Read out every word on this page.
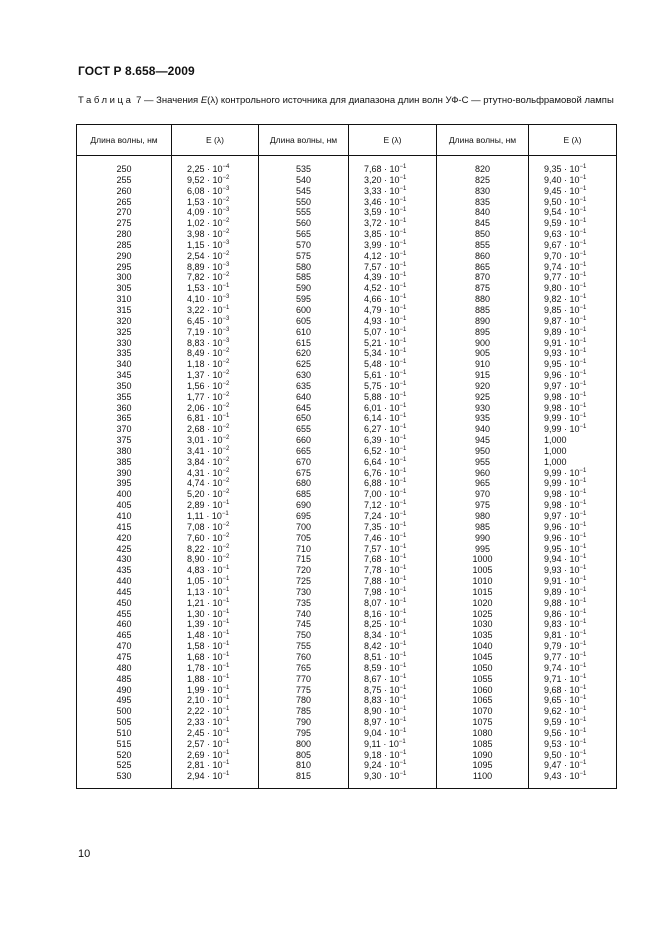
ГОСТ Р 8.658—2009
Таблица 7 — Значения E(λ) контрольного источника для диапазона длин волн УФ-С — ртутно-вольфрамовой лампы
Длина волны, нм	E (λ)	Длина волны, нм	E (λ)	Длина волны, нм	E (λ)
250	$2,25 \cdot 10^{-4}$	535	$7,68 \cdot 10^{-1}$	820	$9,35 \cdot 10^{-1}$
255	$9,52 \cdot 10^{-2}$	540	$3,20 \cdot 10^{-1}$	825	$9,40 \cdot 10^{-1}$
260	$6,08 \cdot 10^{-3}$	545	$3,33 \cdot 10^{-1}$	830	$9,45 \cdot 10^{-1}$
265	$1,53 \cdot 10^{-2}$	550	$3,46 \cdot 10^{-1}$	835	$9,50 \cdot 10^{-1}$
270	$4,09 \cdot 10^{-3}$	555	$3,59 \cdot 10^{-1}$	840	$9,54 \cdot 10^{-1}$
275	$1,02 \cdot 10^{-2}$	560	$3,72 \cdot 10^{-1}$	845	$9,59 \cdot 10^{-1}$
280	$3,98 \cdot 10^{-2}$	565	$3,85 \cdot 10^{-1}$	850	$9,63 \cdot 10^{-1}$
285	$1,15 \cdot 10^{-3}$	570	$3,99 \cdot 10^{-1}$	855	$9,67 \cdot 10^{-1}$
290	$2,54 \cdot 10^{-2}$	575	$4,12 \cdot 10^{-1}$	860	$9,70 \cdot 10^{-1}$
295	$8,89 \cdot 10^{-3}$	580	$7,57 \cdot 10^{-1}$	865	$9,74 \cdot 10^{-1}$
300	$7,82 \cdot 10^{-2}$	585	$4,39 \cdot 10^{-1}$	870	$9,77 \cdot 10^{-1}$
305	$1,53 \cdot 10^{-1}$	590	$4,52 \cdot 10^{-1}$	875	$9,80 \cdot 10^{-1}$
310	$4,10 \cdot 10^{-3}$	595	$4,66 \cdot 10^{-1}$	880	$9,82 \cdot 10^{-1}$
315	$3,22 \cdot 10^{-1}$	600	$4,79 \cdot 10^{-1}$	885	$9,85 \cdot 10^{-1}$
320	$6,45 \cdot 10^{-3}$	605	$4,93 \cdot 10^{-1}$	890	$9,87 \cdot 10^{-1}$
325	$7,19 \cdot 10^{-3}$	610	$5,07 \cdot 10^{-1}$	895	$9,89 \cdot 10^{-1}$
330	$8,83 \cdot 10^{-3}$	615	$5,21 \cdot 10^{-1}$	900	$9,91 \cdot 10^{-1}$
335	$8,49 \cdot 10^{-2}$	620	$5,34 \cdot 10^{-1}$	905	$9,93 \cdot 10^{-1}$
340	$1,18 \cdot 10^{-2}$	625	$5,48 \cdot 10^{-1}$	910	$9,95 \cdot 10^{-1}$
345	$1,37 \cdot 10^{-2}$	630	$5,61 \cdot 10^{-1}$	915	$9,96 \cdot 10^{-1}$
350	$1,56 \cdot 10^{-2}$	635	$5,75 \cdot 10^{-1}$	920	$9,97 \cdot 10^{-1}$
355	$1,77 \cdot 10^{-2}$	640	$5,88 \cdot 10^{-1}$	925	$9,98 \cdot 10^{-1}$
360	$2,06 \cdot 10^{-2}$	645	$6,01 \cdot 10^{-1}$	930	$9,98 \cdot 10^{-1}$
365	$6,81 \cdot 10^{-1}$	650	$6,14 \cdot 10^{-1}$	935	$9,99 \cdot 10^{-1}$
370	$2,68 \cdot 10^{-2}$	655	$6,27 \cdot 10^{-1}$	940	$9,99 \cdot 10^{-1}$
375	$3,01 \cdot 10^{-2}$	660	$6,39 \cdot 10^{-1}$	945	1,000
380	$3,41 \cdot 10^{-2}$	665	$6,52 \cdot 10^{-1}$	950	1,000
385	$3,84 \cdot 10^{-2}$	670	$6,64 \cdot 10^{-1}$	955	1,000
390	$4,31 \cdot 10^{-2}$	675	$6,76 \cdot 10^{-1}$	960	$9,99 \cdot 10^{-1}$
395	$4,74 \cdot 10^{-2}$	680	$6,88 \cdot 10^{-1}$	965	$9,99 \cdot 10^{-1}$
400	$5,20 \cdot 10^{-2}$	685	$7,00 \cdot 10^{-1}$	970	$9,98 \cdot 10^{-1}$
405	$2,89 \cdot 10^{-1}$	690	$7,12 \cdot 10^{-1}$	975	$9,98 \cdot 10^{-1}$
410	$1,11 \cdot 10^{-1}$	695	$7,24 \cdot 10^{-1}$	980	$9,97 \cdot 10^{-1}$
415	$7,08 \cdot 10^{-2}$	700	$7,35 \cdot 10^{-1}$	985	$9,96 \cdot 10^{-1}$
420	$7,60 \cdot 10^{-2}$	705	$7,46 \cdot 10^{-1}$	990	$9,96 \cdot 10^{-1}$
425	$8,22 \cdot 10^{-2}$	710	$7,57 \cdot 10^{-1}$	995	$9,95 \cdot 10^{-1}$
430	$8,90 \cdot 10^{-2}$	715	$7,68 \cdot 10^{-1}$	1000	$9,94 \cdot 10^{-1}$
435	$4,83 \cdot 10^{-1}$	720	$7,78 \cdot 10^{-1}$	1005	$9,93 \cdot 10^{-1}$
440	$1,05 \cdot 10^{-1}$	725	$7,88 \cdot 10^{-1}$	1010	$9,91 \cdot 10^{-1}$
445	$1,13 \cdot 10^{-1}$	730	$7,98 \cdot 10^{-1}$	1015	$9,89 \cdot 10^{-1}$
450	$1,21 \cdot 10^{-1}$	735	$8,07 \cdot 10^{-1}$	1020	$9,88 \cdot 10^{-1}$
455	$1,30 \cdot 10^{-1}$	740	$8,16 \cdot 10^{-1}$	1025	$9,86 \cdot 10^{-1}$
460	$1,39 \cdot 10^{-1}$	745	$8,25 \cdot 10^{-1}$	1030	$9,83 \cdot 10^{-1}$
465	$1,48 \cdot 10^{-1}$	750	$8,34 \cdot 10^{-1}$	1035	$9,81 \cdot 10^{-1}$
470	$1,58 \cdot 10^{-1}$	755	$8,42 \cdot 10^{-1}$	1040	$9,79 \cdot 10^{-1}$
475	$1,68 \cdot 10^{-1}$	760	$8,51 \cdot 10^{-1}$	1045	$9,77 \cdot 10^{-1}$
480	$1,78 \cdot 10^{-1}$	765	$8,59 \cdot 10^{-1}$	1050	$9,74 \cdot 10^{-1}$
485	$1,88 \cdot 10^{-1}$	770	$8,67 \cdot 10^{-1}$	1055	$9,71 \cdot 10^{-1}$
490	$1,99 \cdot 10^{-1}$	775	$8,75 \cdot 10^{-1}$	1060	$9,68 \cdot 10^{-1}$
495	$2,10 \cdot 10^{-1}$	780	$8,83 \cdot 10^{-1}$	1065	$9,65 \cdot 10^{-1}$
500	$2,22 \cdot 10^{-1}$	785	$8,90 \cdot 10^{-1}$	1070	$9,62 \cdot 10^{-1}$
505	$2,33 \cdot 10^{-1}$	790	$8,97 \cdot 10^{-1}$	1075	$9,59 \cdot 10^{-1}$
510	$2,45 \cdot 10^{-1}$	795	$9,04 \cdot 10^{-1}$	1080	$9,56 \cdot 10^{-1}$
515	$2,57 \cdot 10^{-1}$	800	$9,11 \cdot 10^{-1}$	1085	$9,53 \cdot 10^{-1}$
520	$2,69 \cdot 10^{-1}$	805	$9,18 \cdot 10^{-1}$	1090	$9,50 \cdot 10^{-1}$
525	$2,81 \cdot 10^{-1}$	810	$9,24 \cdot 10^{-1}$	1095	$9,47 \cdot 10^{-1}$
530	$2,94 \cdot 10^{-1}$	815	$9,30 \cdot 10^{-1}$	1100	$9,43 \cdot 10^{-1}$
10
